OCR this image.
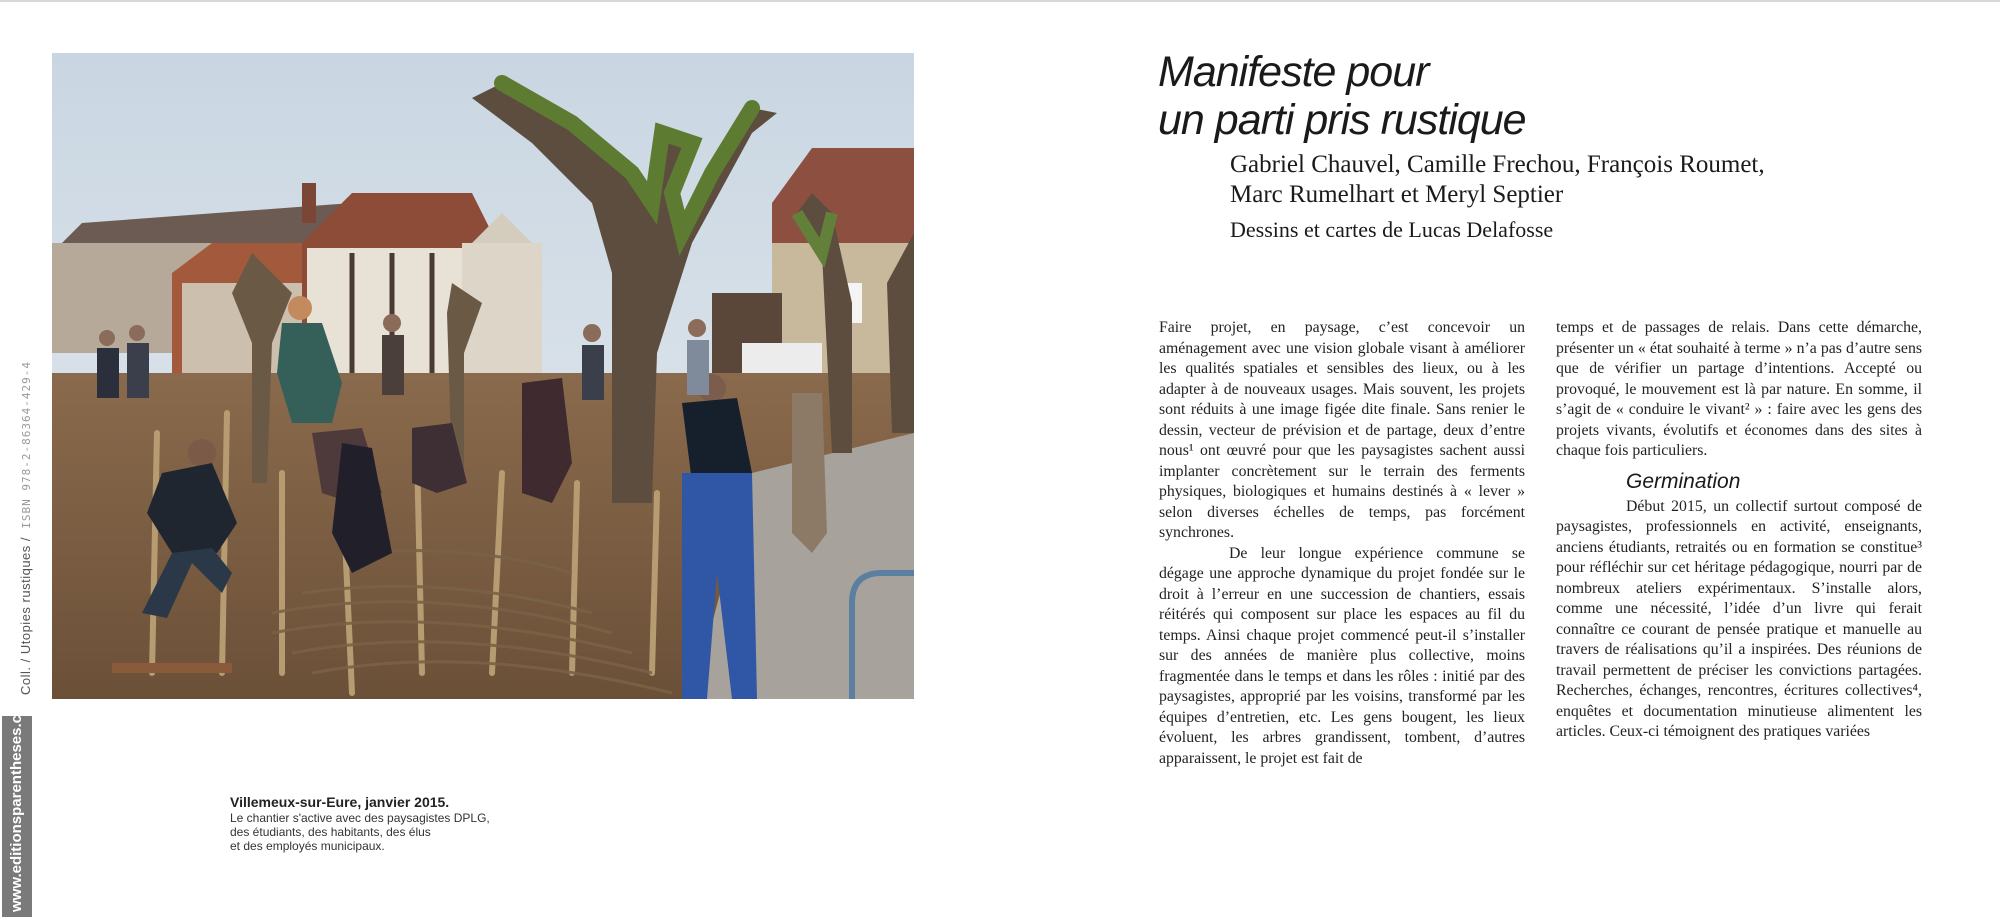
Coll. / Utopies rustiques /  ISBN 978-2-86364-429-4
www.editionsparentheses.com	Villemeux-sur-Eure, janvier 2015.
Le chantier s'active avec des paysagistes DPLG,
des étudiants, des habitants, des élus
et des employés municipaux.
Manifeste pour
un parti pris rustique
Gabriel Chauvel, Camille Frechou, François Roumet,
Marc Rumelhart et Meryl Septier
Dessins et cartes de Lucas Delafosse

Faire projet, en paysage, c’est concevoir un aménagement avec une vision globale visant à améliorer les qualités spatiales et sensibles des lieux, ou à les adapter à de nouveaux usages. Mais souvent, les projets sont réduits à une image figée dite finale. Sans renier le dessin, vecteur de prévision et de partage, deux d’entre nous¹ ont œuvré pour que les paysagistes sachent aussi implanter concrètement sur le terrain des ferments physiques, biologiques et humains destinés à « lever » selon diverses échelles de temps, pas forcément synchrones.

De leur longue expérience commune se dégage une approche dynamique du projet fondée sur le droit à l’erreur en une succession de chantiers, essais réitérés qui composent sur place les espaces au fil du temps. Ainsi chaque projet commencé peut-il s’installer sur des années de manière plus collective, moins fragmentée dans le temps et dans les rôles : initié par des paysagistes, approprié par les voisins, transformé par les équipes d’entretien, etc. Les gens bougent, les lieux évoluent, les arbres grandissent, tombent, d’autres apparaissent, le projet est fait de

temps et de passages de relais. Dans cette démarche, présenter un « état souhaité à terme » n’a pas d’autre sens que de vérifier un partage d’intentions. Accepté ou provoqué, le mouvement est là par nature. En somme, il s’agit de « conduire le vivant² » : faire avec les gens des projets vivants, évolutifs et économes dans des sites à chaque fois particuliers.

Germination

Début 2015, un collectif surtout composé de paysagistes, professionnels en activité, enseignants, anciens étudiants, retraités ou en formation se constitue³ pour réfléchir sur cet héritage pédagogique, nourri par de nombreux ateliers expérimentaux. S’installe alors, comme une nécessité, l’idée d’un livre qui ferait connaître ce courant de pensée pratique et manuelle au travers de réalisations qu’il a inspirées. Des réunions de travail permettent de préciser les convictions partagées. Recherches, échanges, rencontres, écritures collectives⁴, enquêtes et documentation minutieuse alimentent les articles. Ceux-ci témoignent des pratiques variées
